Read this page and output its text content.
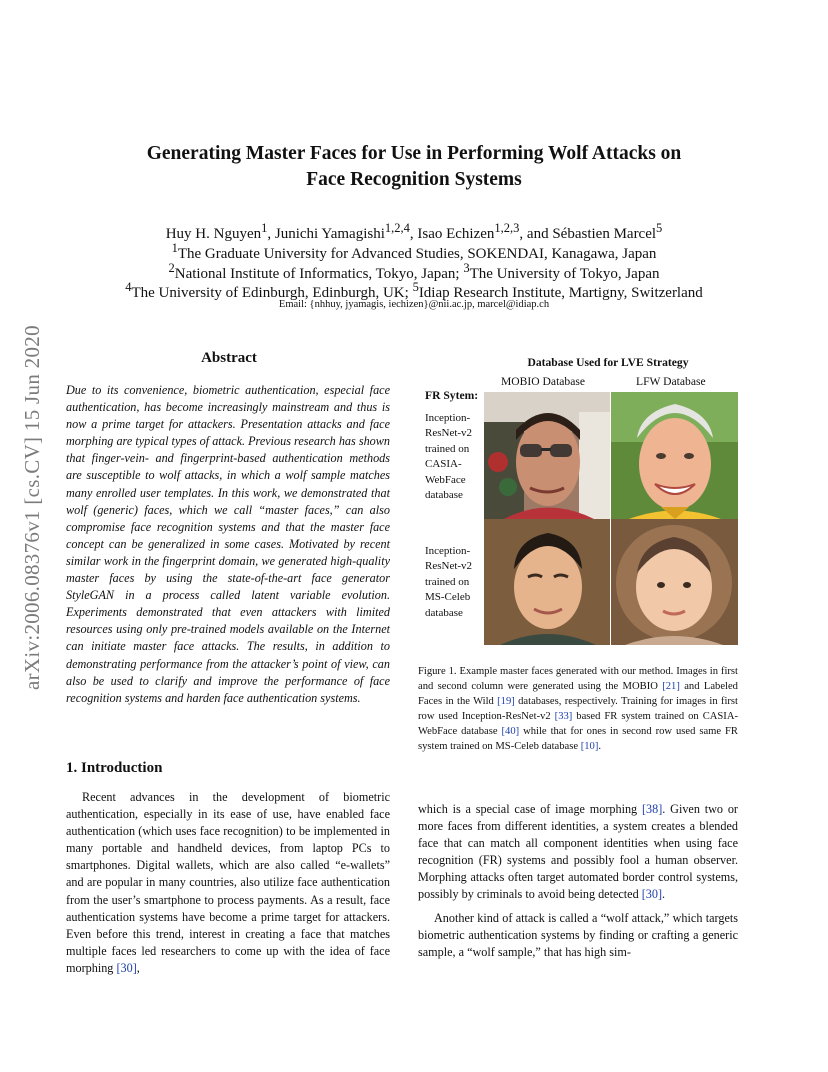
arXiv:2006.08376v1 [cs.CV] 15 Jun 2020
Generating Master Faces for Use in Performing Wolf Attacks on
Face Recognition Systems
Huy H. Nguyen$^1$, Junichi Yamagishi$^{1,2,4}$, Isao Echizen$^{1,2,3}$, and Sébastien Marcel$^5$
$^1$The Graduate University for Advanced Studies, SOKENDAI, Kanagawa, Japan
$^2$National Institute of Informatics, Tokyo, Japan; $^3$The University of Tokyo, Japan
$^4$The University of Edinburgh, Edinburgh, UK; $^5$Idiap Research Institute, Martigny, Switzerland
Email: {nhhuy, jyamagis, iechizen}@nii.ac.jp, marcel@idiap.ch
Abstract
Due to its convenience, biometric authentication, especial face authentication, has become increasingly mainstream and thus is now a prime target for attackers. Presentation attacks and face morphing are typical types of attack. Previous research has shown that finger-vein- and fingerprint-based authentication methods are susceptible to wolf attacks, in which a wolf sample matches many enrolled user templates. In this work, we demonstrated that wolf (generic) faces, which we call “master faces,” can also compromise face recognition systems and that the master face concept can be generalized in some cases. Motivated by recent similar work in the fingerprint domain, we generated high-quality master faces by using the state-of-the-art face generator StyleGAN in a process called latent variable evolution. Experiments demonstrated that even attackers with limited resources using only pre-trained models available on the Internet can initiate master face attacks. The results, in addition to demonstrating performance from the attacker’s point of view, can also be used to clarify and improve the performance of face recognition systems and harden face authentication systems.
1. Introduction
Recent advances in the development of biometric authentication, especially in its ease of use, have enabled face authentication (which uses face recognition) to be implemented in many portable and handheld devices, from laptop PCs to smartphones. Digital wallets, which are also called “e-wallets” and are popular in many countries, also utilize face authentication from the user’s smartphone to process payments. As a result, face authentication systems have become a prime target for attackers. Even before this trend, interest in creating a face that matches multiple faces led researchers to come up with the idea of face morphing [30],

which is a special case of image morphing [38]. Given two or more faces from different identities, a system creates a blended face that can match all component identities when using face recognition (FR) systems and possibly fool a human observer. Morphing attacks often target automated border control systems, possibly by criminals to avoid being detected [30].

Another kind of attack is called a “wolf attack,” which targets biometric authentication systems by finding or crafting a generic sample, a “wolf sample,” that has high sim-

Database Used for LVE Strategy
MOBIO Database	LFW Database
FR Sytem:
Inception-
ResNet-v2
trained on
CASIA-
WebFace
database
Inception-
ResNet-v2
trained on
MS-Celeb
database
Figure 1. Example master faces generated with our method. Images in first and second column were generated using the MOBIO [21] and Labeled Faces in the Wild [19] databases, respectively. Training for images in first row used Inception-ResNet-v2 [33] based FR system trained on CASIA-WebFace database [40] while that for ones in second row used same FR system trained on MS-Celeb database [10].
